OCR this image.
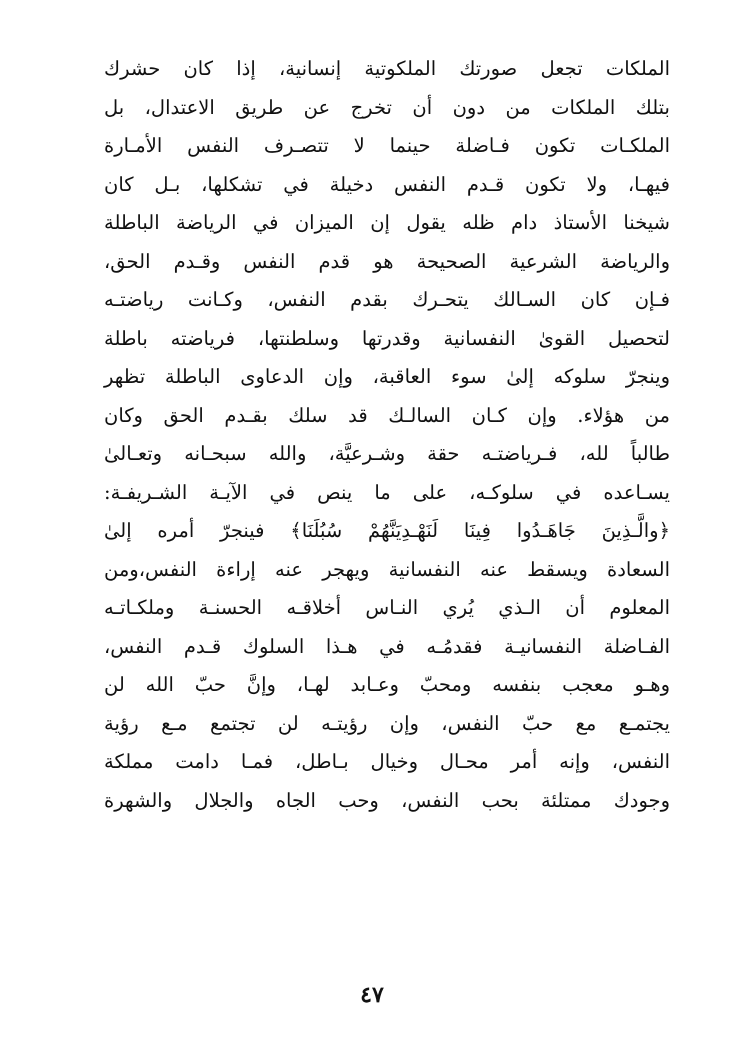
الملكات تجعل صورتك الملكوتية إنسانية، إذا كان حشرك
بتلك الملكات من دون أن تخرج عن طريق الاعتدال، بل
الملكـات تكون فـاضلة حينما لا تتصـرف النفس الأمـارة
فيهـا، ولا تكون قـدم النفس دخيلة في تشكلها، بـل كان
شيخنا الأستاذ دام ظله يقول إن الميزان في الرياضة الباطلة
والرياضة الشرعية الصحيحة هو قدم النفس وقـدم الحق،
فـإن كان السـالك يتحـرك بقدم النفس، وكـانت رياضتـه
لتحصيل القوىٰ النفسانية وقدرتها وسلطنتها، فرياضته باطلة
وينجرّ سلوكه إلىٰ سوء العاقبة، وإن الدعاوى الباطلة تظهر
من هؤلاء. وإن كـان السالـك قد سلك بقـدم الحق وكان
طالباً لله، فـرياضتـه حقة وشـرعيَّة، والله سبحـانه وتعـالىٰ
يسـاعده في سلوكـه، على ما ينص في الآيـة الشـريفـة:
﴿والَّـذِينَ جَاهَـدُوا فِينَا لَنَهْـدِيَنَّهُمْ سُبُلَنَا﴾ فينجرّ أمره إلىٰ
السعادة ويسقط عنه النفسانية ويهجر عنه إراءة النفس،ومن
المعلوم أن الـذي يُري النـاس أخلاقـه الحسنـة وملكـاتـه
الفـاضلة النفسانيـة فقدمُـه في هـذا السلوك قـدم النفس،
وهـو معجب بنفسه ومحبّ وعـابد لهـا، وإنَّ حبّ الله لن
يجتمـع مع حبّ النفس، وإن رؤيتـه لن تجتمع مـع رؤية
النفس، وإنه أمر محـال وخيال بـاطل، فمـا دامت مملكة
وجودك ممتلئة بحب النفس، وحب الجاه والجلال والشهرة
٤٧
